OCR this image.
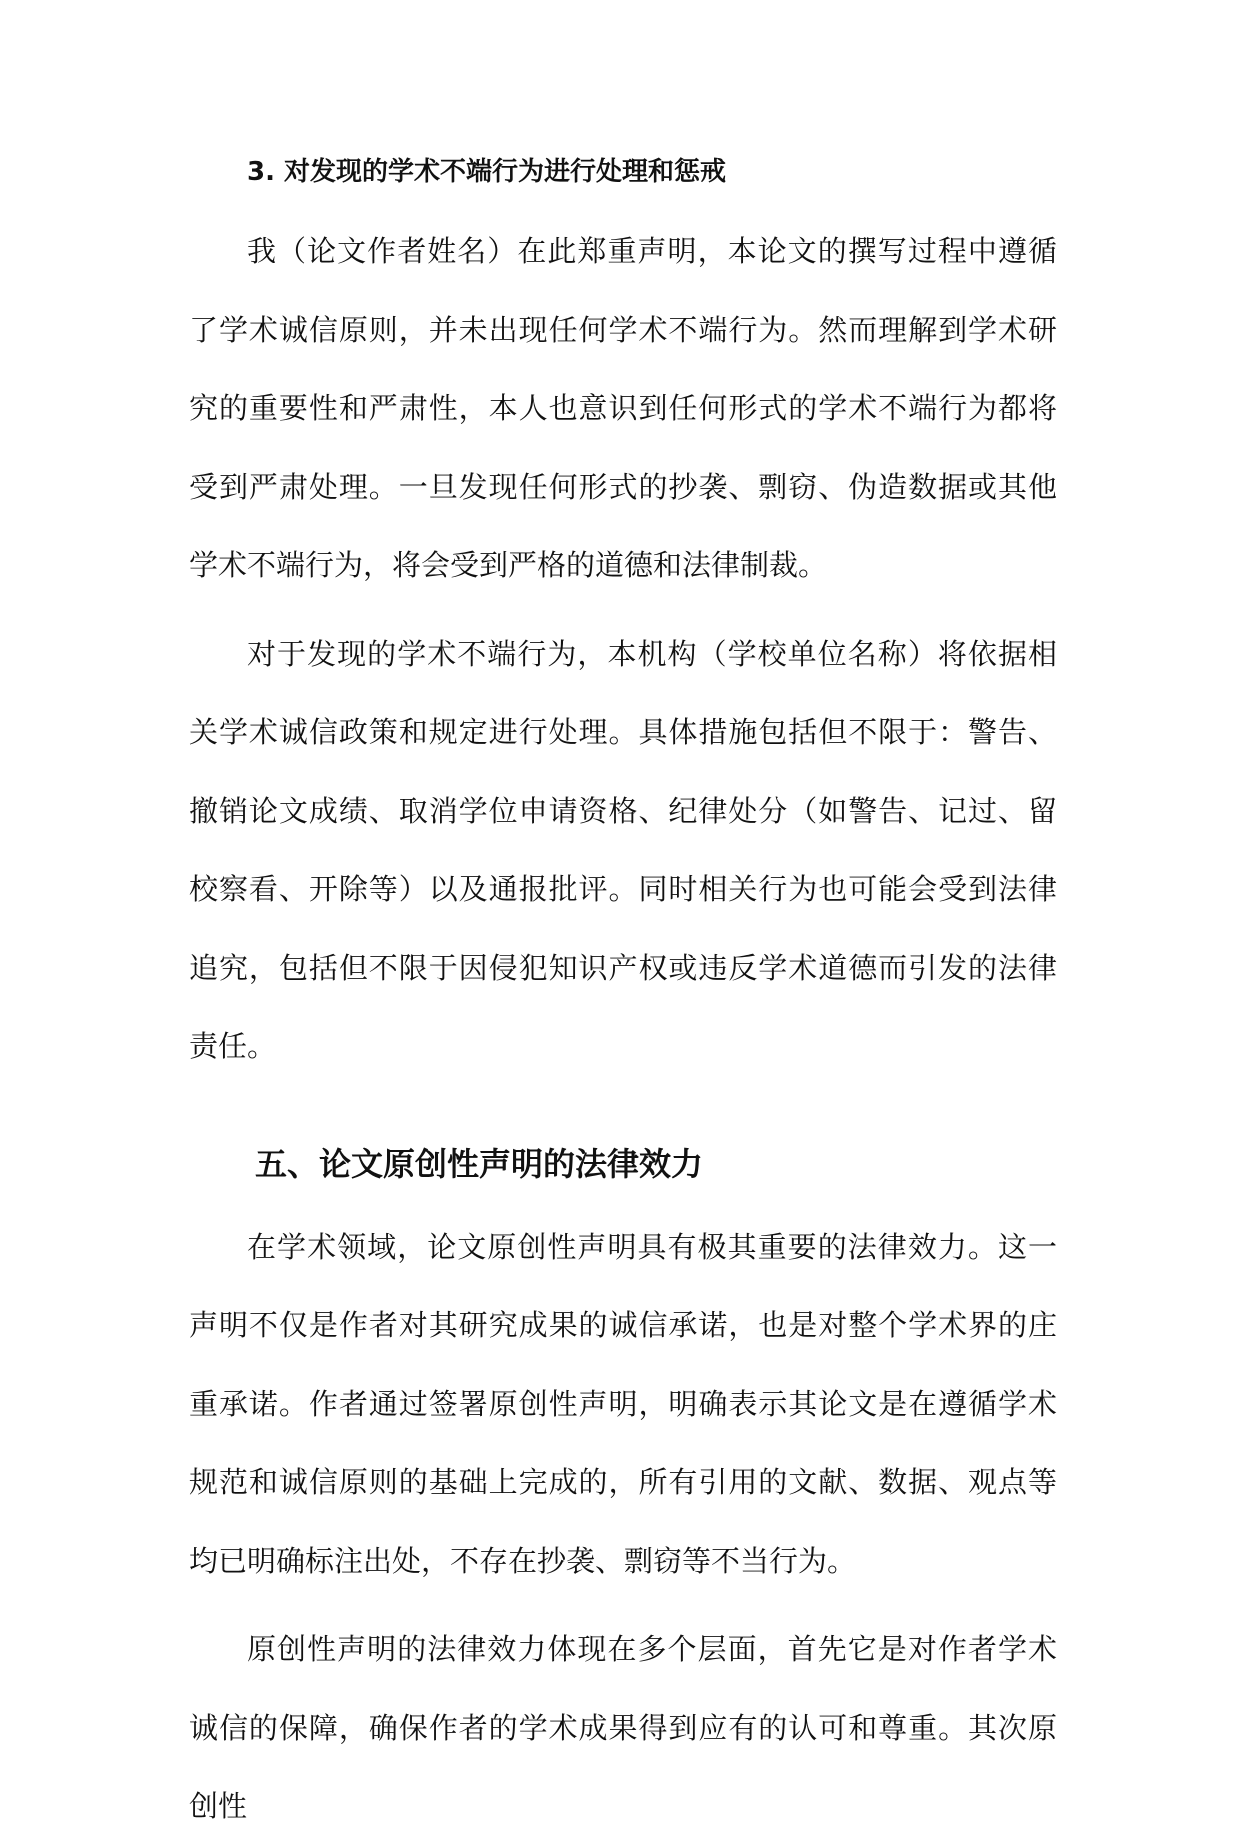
3. 对发现的学术不端行为进行处理和惩戒

我（论文作者姓名）在此郑重声明，本论文的撰写过程中遵循了学术诚信原则，并未出现任何学术不端行为。然而理解到学术研究的重要性和严肃性，本人也意识到任何形式的学术不端行为都将受到严肃处理。一旦发现任何形式的抄袭、剽窃、伪造数据或其他学术不端行为，将会受到严格的道德和法律制裁。

对于发现的学术不端行为，本机构（学校单位名称）将依据相关学术诚信政策和规定进行处理。具体措施包括但不限于：警告、撤销论文成绩、取消学位申请资格、纪律处分（如警告、记过、留校察看、开除等）以及通报批评。同时相关行为也可能会受到法律追究，包括但不限于因侵犯知识产权或违反学术道德而引发的法律责任。

五、论文原创性声明的法律效力

在学术领域，论文原创性声明具有极其重要的法律效力。这一声明不仅是作者对其研究成果的诚信承诺，也是对整个学术界的庄重承诺。作者通过签署原创性声明，明确表示其论文是在遵循学术规范和诚信原则的基础上完成的，所有引用的文献、数据、观点等均已明确标注出处，不存在抄袭、剽窃等不当行为。

原创性声明的法律效力体现在多个层面，首先它是对作者学术诚信的保障，确保作者的学术成果得到应有的认可和尊重。其次原创性
